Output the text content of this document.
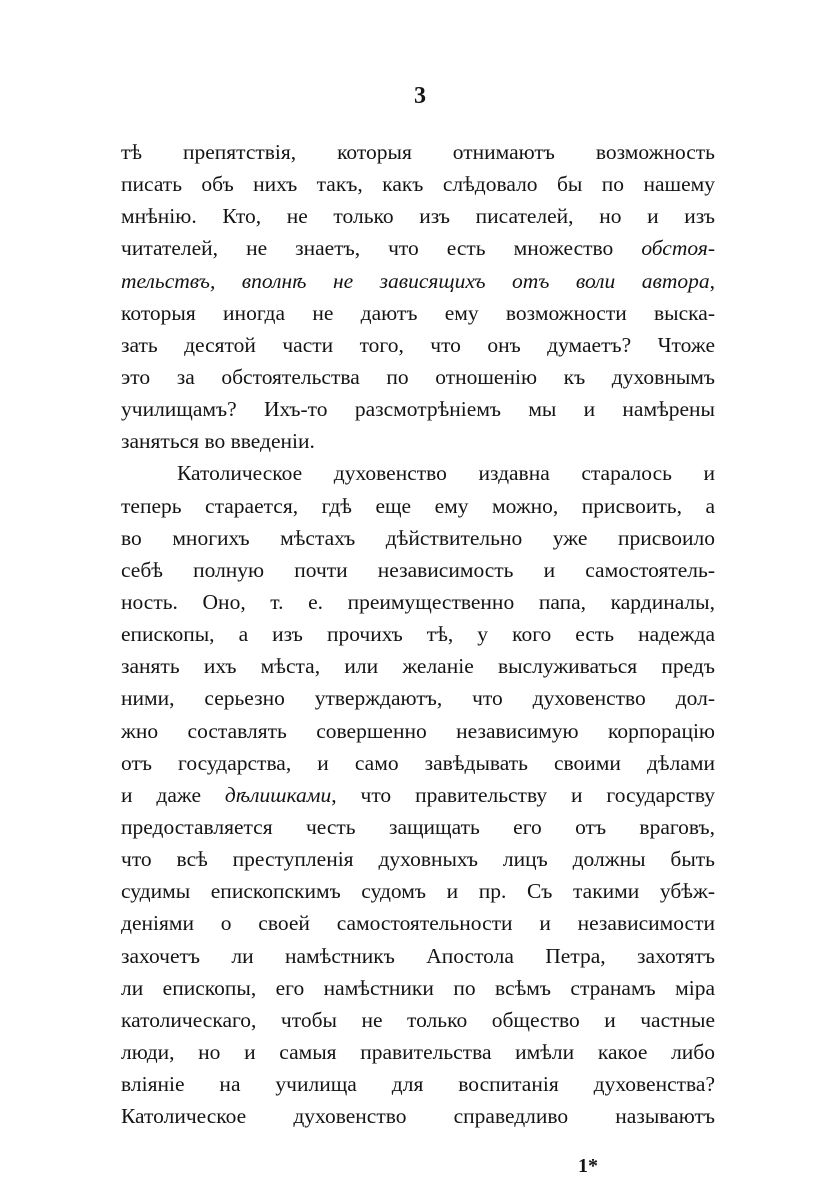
3
тѣ препятствія, которыя отнимаютъ возможность
писать объ нихъ такъ, какъ слѣдовало бы по нашему
мнѣнію. Кто, не только изъ писателей, но и изъ
читателей, не знаетъ, что есть множество обстоя-
тельствъ, вполнѣ не зависящихъ отъ воли автора,
которыя иногда не даютъ ему возможности выска-
зать десятой части того, что онъ думаетъ? Чтоже
это за обстоятельства по отношенію къ духовнымъ
училищамъ? Ихъ-то разсмотрѣніемъ мы и намѣрены
заняться во введеніи.
Католическое духовенство издавна старалось и
теперь старается, гдѣ еще ему можно, присвоить, а
во многихъ мѣстахъ дѣйствительно уже присвоило
себѣ полную почти независимость и самостоятель-
ность. Оно, т. е. преимущественно папа, кардиналы,
епископы, а изъ прочихъ тѣ, у кого есть надежда
занять ихъ мѣста, или желаніе выслуживаться предъ
ними, серьезно утверждаютъ, что духовенство дол-
жно составлять совершенно независимую корпорацію
отъ государства, и само завѣдывать своими дѣлами
и даже дѣлишками, что правительству и государству
предоставляется честь защищать его отъ враговъ,
что всѣ преступленія духовныхъ лицъ должны быть
судимы епископскимъ судомъ и пр. Съ такими убѣж-
деніями о своей самостоятельности и независимости
захочетъ ли намѣстникъ Апостола Петра, захотятъ
ли епископы, его намѣстники по всѣмъ странамъ міра
католическаго, чтобы не только общество и частные
люди, но и самыя правительства имѣли какое либо
вліяніе на училища для воспитанія духовенства?
Католическое духовенство справедливо называютъ
1*
